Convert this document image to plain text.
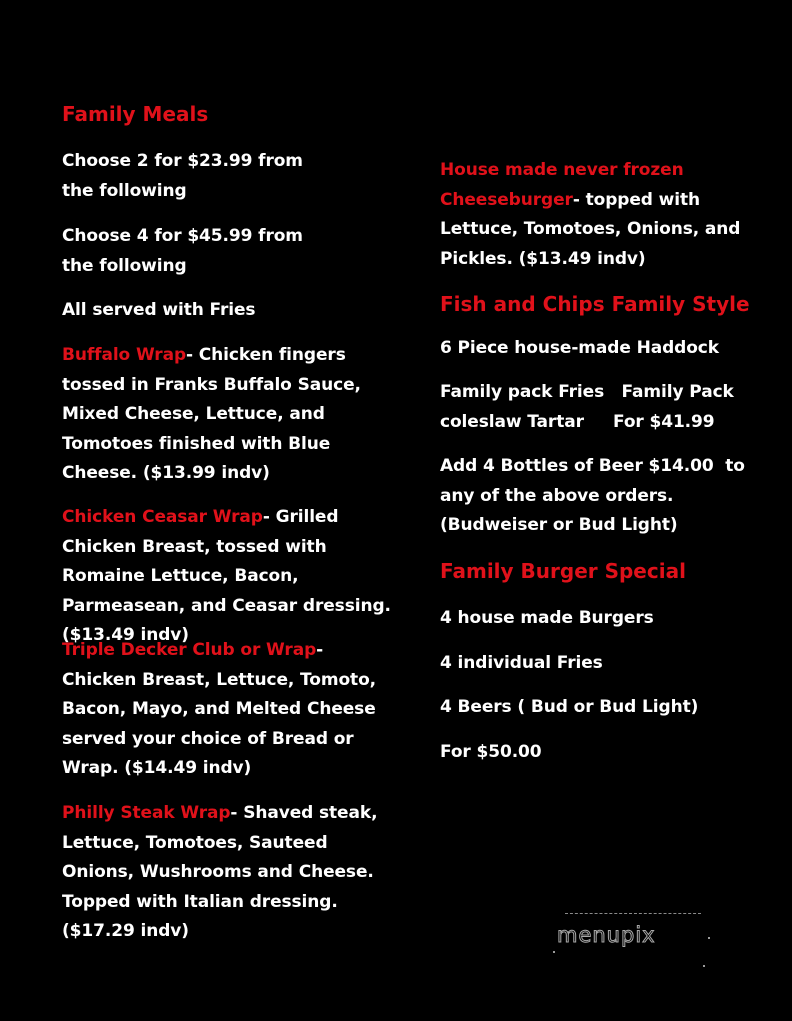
Family Meals
Choose 2 for $23.99 from the following
Choose 4 for $45.99 from the following
All served with Fries
Buffalo Wrap- Chicken fingers tossed in Franks Buffalo Sauce, Mixed Cheese, Lettuce, and Tomotoes finished with Blue Cheese. ($13.99 indv)
Chicken Ceasar Wrap- Grilled Chicken Breast, tossed with Romaine Lettuce, Bacon, Parmeasean, and Ceasar dressing. ($13.49 indv)
Triple Decker Club or Wrap- Chicken Breast, Lettuce, Tomoto, Bacon, Mayo, and Melted Cheese served your choice of Bread or Wrap. ($14.49 indv)
Philly Steak Wrap- Shaved steak, Lettuce, Tomotoes, Sauteed Onions, Wushrooms and Cheese. Topped with Italian dressing. ($17.29 indv)
House made never frozen Cheeseburger- topped with Lettuce, Tomotoes, Onions, and Pickles. ($13.49 indv)
Fish and Chips Family Style
6 Piece house-made Haddock
Family pack Fries   Family Pack coleslaw Tartar     For $41.99
Add 4 Bottles of Beer $14.00  to any of the above orders.  (Budweiser or Bud Light)
Family Burger Special
4 house made Burgers
4 individual Fries
4 Beers ( Bud or Bud Light)
For $50.00
menupix
